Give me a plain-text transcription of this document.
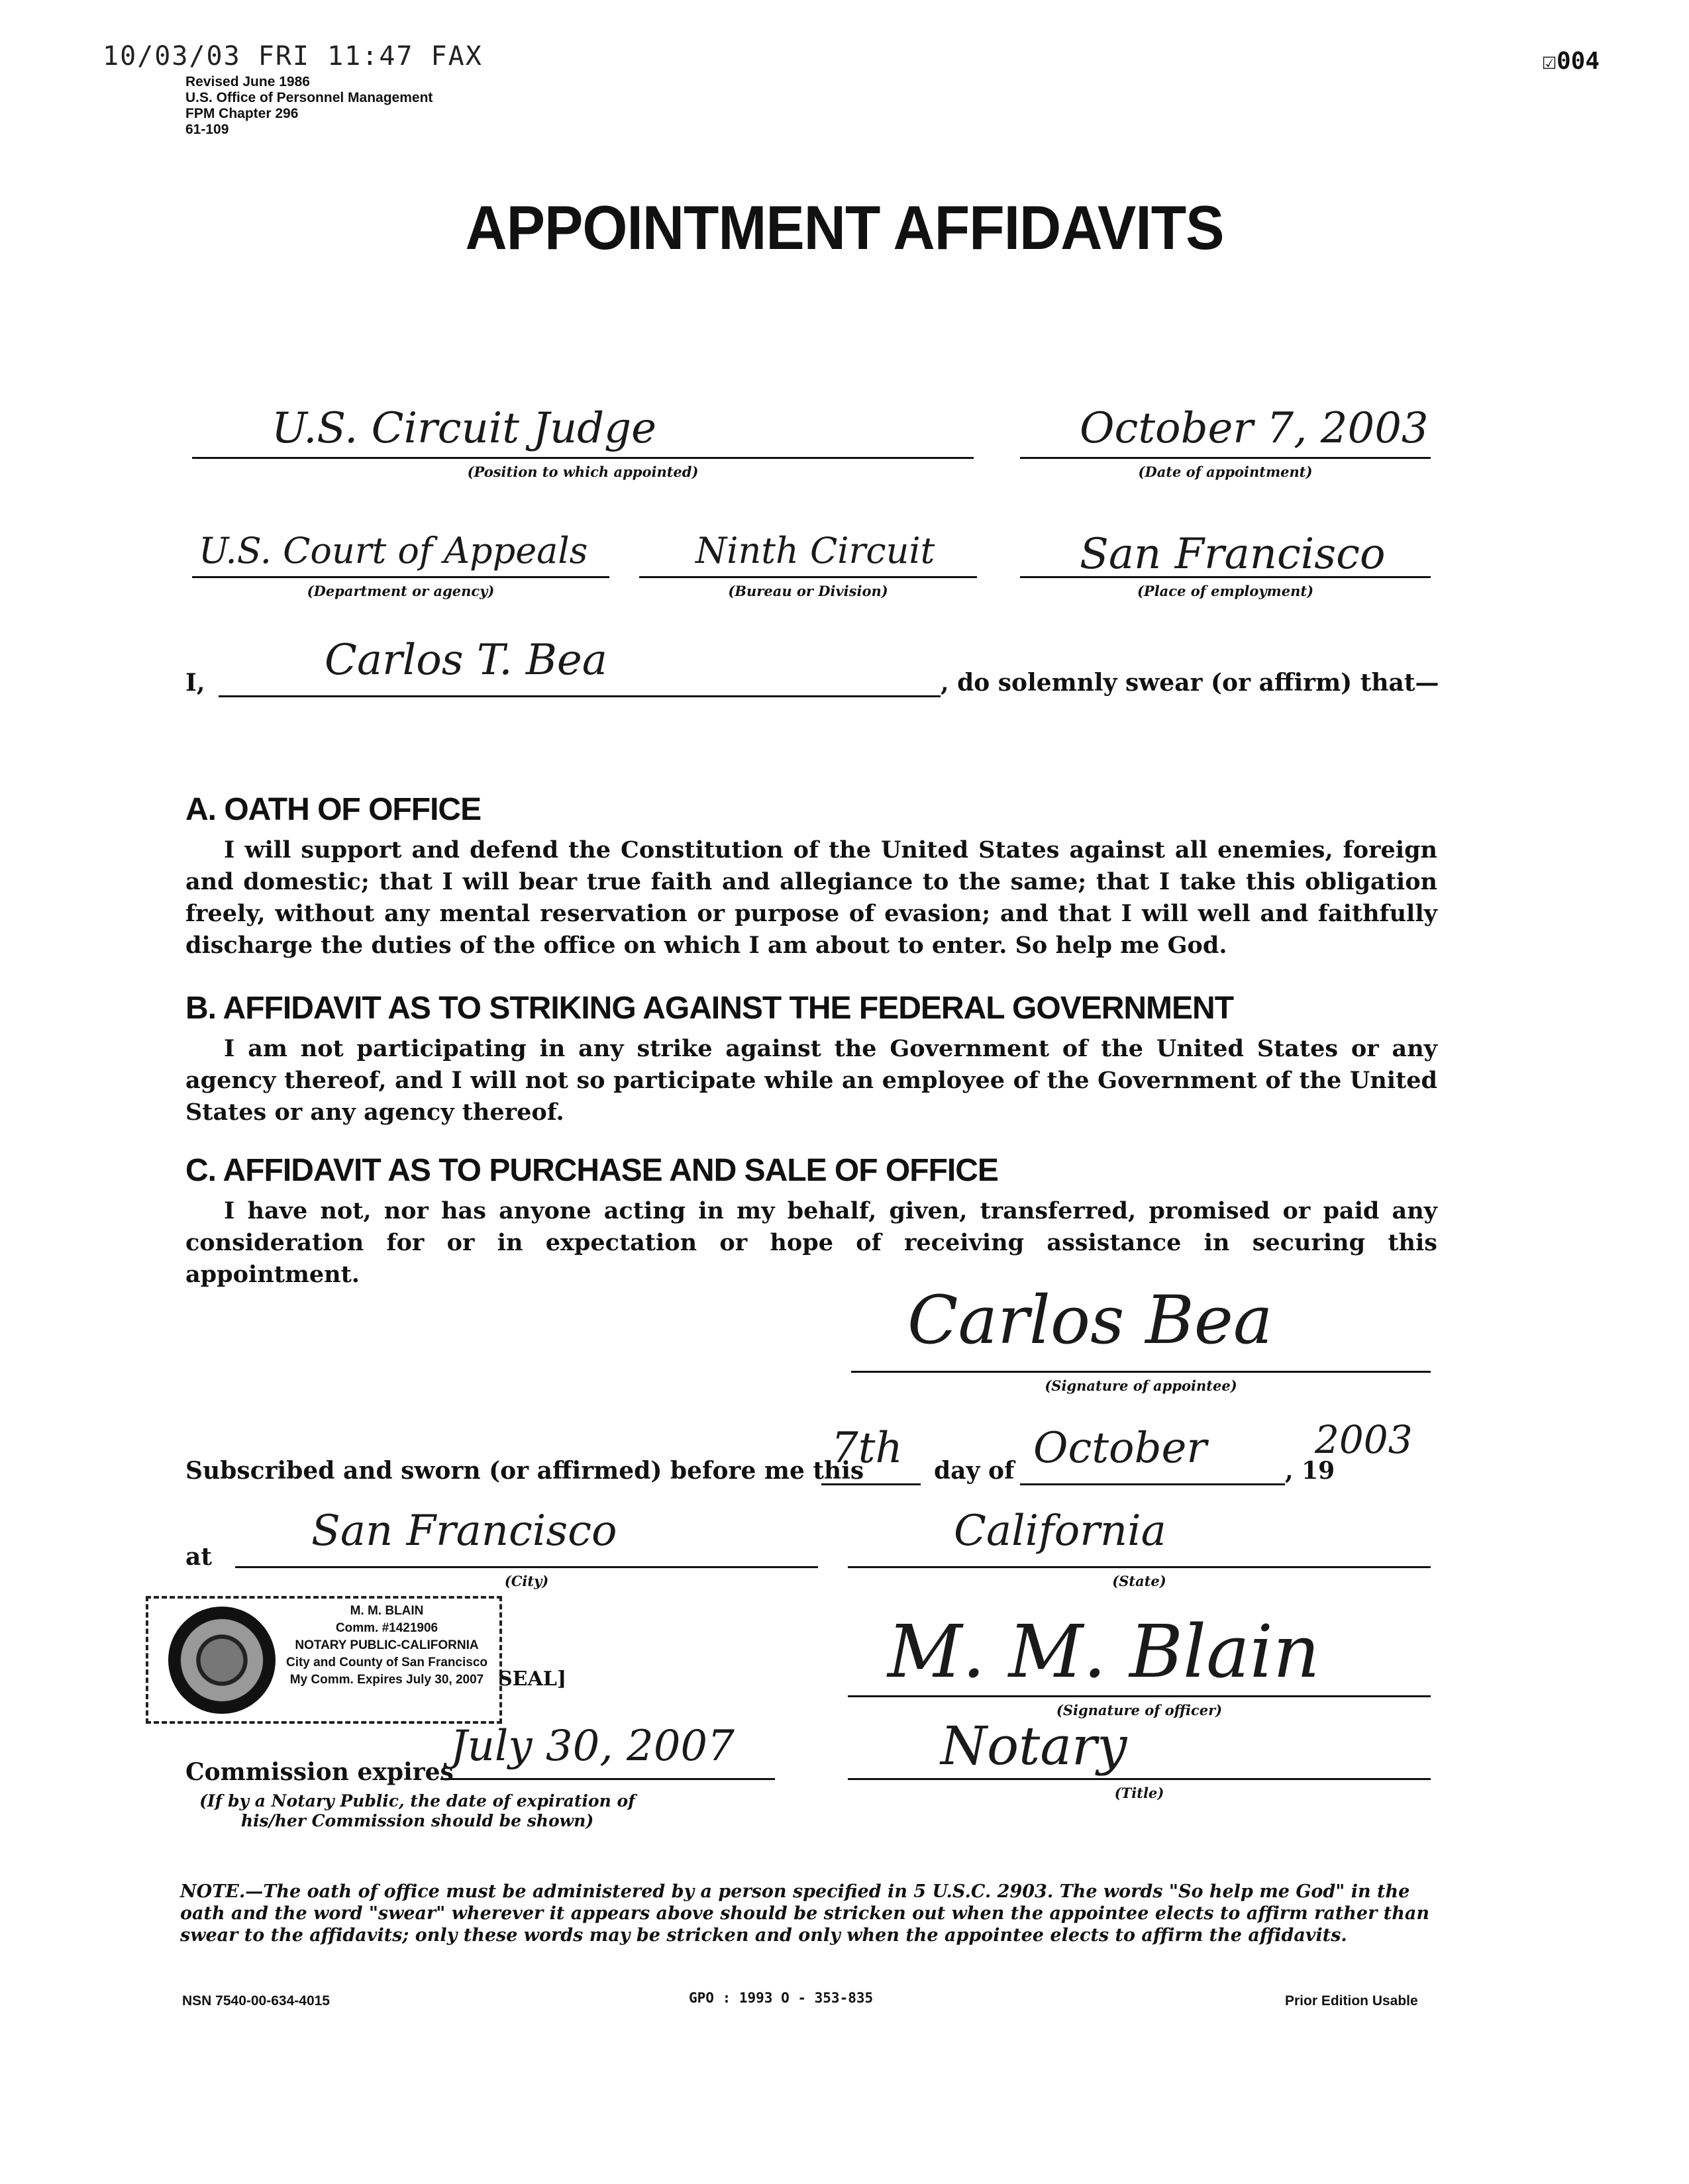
10/03/03 FRI 11:47 FAX	☑004
Revised June 1986
U.S. Office of Personnel Management
FPM Chapter 296
61-109
APPOINTMENT AFFIDAVITS
U.S. Circuit Judge
(Position to which appointed)
October 7, 2003
(Date of appointment)
U.S. Court of Appeals
(Department or agency)
Ninth Circuit
(Bureau or Division)
San Francisco
(Place of employment)
I,	Carlos T. Bea	, do solemnly swear (or affirm) that—
A. OATH OF OFFICE
I will support and defend the Constitution of the United States against all enemies, foreign and domestic; that I will bear true faith and allegiance to the same; that I take this obligation freely, without any mental reservation or purpose of evasion; and that I will well and faithfully discharge the duties of the office on which I am about to enter. So help me God.
B. AFFIDAVIT AS TO STRIKING AGAINST THE FEDERAL GOVERNMENT
I am not participating in any strike against the Government of the United States or any agency thereof, and I will not so participate while an employee of the Government of the United States or any agency thereof.
C. AFFIDAVIT AS TO PURCHASE AND SALE OF OFFICE
I have not, nor has anyone acting in my behalf, given, transferred, promised or paid any consideration for or in expectation or hope of receiving assistance in securing this appointment.
Carlos Bea
(Signature of appointee)
Subscribed and sworn (or affirmed) before me this
7th day of October	, 19
2003
at
San Francisco
(City)
California
(State)
M. M. BLAIN
Comm. #1421906
NOTARY PUBLIC-CALIFORNIA
City and County of San Francisco
My Comm. Expires July 30, 2007 SEAL]	M. M. Blain
(Signature of officer)
Commission expires
July 30, 2007
(If by a Notary Public, the date of expiration of his/her Commission should be shown)
Notary
(Title)
NOTE.—The oath of office must be administered by a person specified in 5 U.S.C. 2903. The words "So help me God" in the oath and the word "swear" wherever it appears above should be stricken out when the appointee elects to affirm rather than swear to the affidavits; only these words may be stricken and only when the appointee elects to affirm the affidavits.
NSN 7540-00-634-4015	GPO : 1993 O - 353-835	Prior Edition Usable
